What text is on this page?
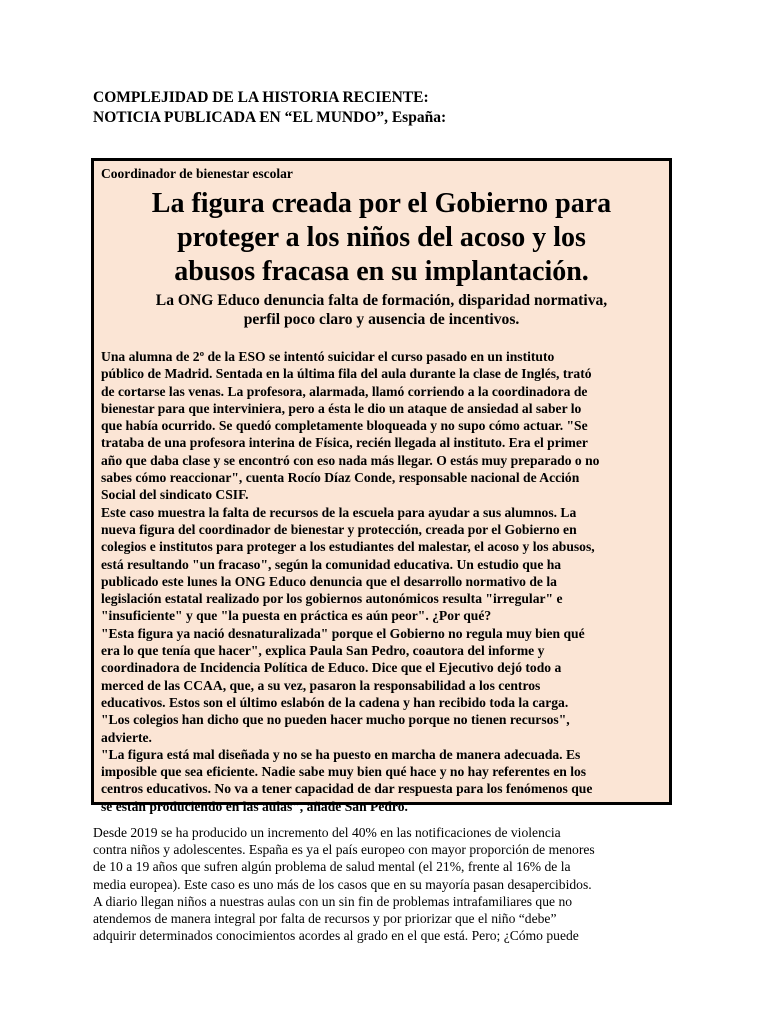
COMPLEJIDAD DE LA HISTORIA RECIENTE:
NOTICIA PUBLICADA EN “EL MUNDO”, España:
Coordinador de bienestar escolar
La figura creada por el Gobierno para
proteger a los niños del acoso y los
abusos fracasa en su implantación.
La ONG Educo denuncia falta de formación, disparidad normativa,
perfil poco claro y ausencia de incentivos.
Una alumna de 2º de la ESO se intentó suicidar el curso pasado en un instituto
público de Madrid. Sentada en la última fila del aula durante la clase de Inglés, trató
de cortarse las venas. La profesora, alarmada, llamó corriendo a la coordinadora de
bienestar para que interviniera, pero a ésta le dio un ataque de ansiedad al saber lo
que había ocurrido. Se quedó completamente bloqueada y no supo cómo actuar. "Se
trataba de una profesora interina de Física, recién llegada al instituto. Era el primer
año que daba clase y se encontró con eso nada más llegar. O estás muy preparado o no
sabes cómo reaccionar", cuenta Rocío Díaz Conde, responsable nacional de Acción
Social del sindicato CSIF.
Este caso muestra la falta de recursos de la escuela para ayudar a sus alumnos. La
nueva figura del coordinador de bienestar y protección, creada por el Gobierno en
colegios e institutos para proteger a los estudiantes del malestar, el acoso y los abusos,
está resultando "un fracaso", según la comunidad educativa. Un estudio que ha
publicado este lunes la ONG Educo denuncia que el desarrollo normativo de la
legislación estatal realizado por los gobiernos autonómicos resulta "irregular" e
"insuficiente" y que "la puesta en práctica es aún peor". ¿Por qué?
"Esta figura ya nació desnaturalizada" porque el Gobierno no regula muy bien qué
era lo que tenía que hacer", explica Paula San Pedro, coautora del informe y
coordinadora de Incidencia Política de Educo. Dice que el Ejecutivo dejó todo a
merced de las CCAA, que, a su vez, pasaron la responsabilidad a los centros
educativos. Estos son el último eslabón de la cadena y han recibido toda la carga.
"Los colegios han dicho que no pueden hacer mucho porque no tienen recursos",
advierte.
"La figura está mal diseñada y no se ha puesto en marcha de manera adecuada. Es
imposible que sea eficiente. Nadie sabe muy bien qué hace y no hay referentes en los
centros educativos. No va a tener capacidad de dar respuesta para los fenómenos que
se están produciendo en las aulas", añade San Pedro.
Desde 2019 se ha producido un incremento del 40% en las notificaciones de violencia
contra niños y adolescentes. España es ya el país europeo con mayor proporción de menores
de 10 a 19 años que sufren algún problema de salud mental (el 21%, frente al 16% de la
media europea). Este caso es uno más de los casos que en su mayoría pasan desapercibidos.
A diario llegan niños a nuestras aulas con un sin fin de problemas intrafamiliares que no
atendemos de manera integral por falta de recursos y por priorizar que el niño “debe”
adquirir determinados conocimientos acordes al grado en el que está. Pero; ¿Cómo puede
